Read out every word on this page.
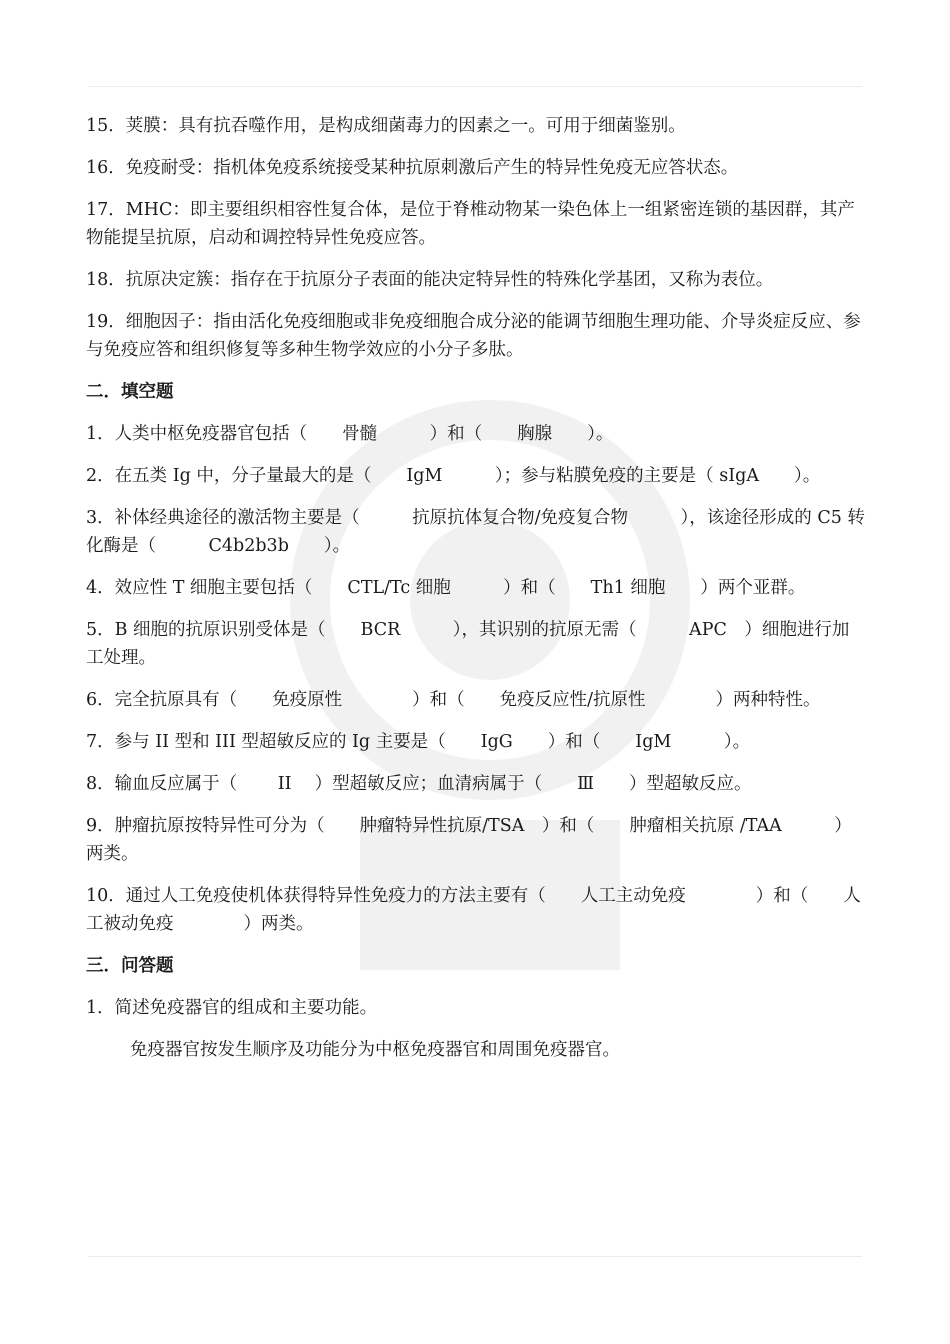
15．荚膜：具有抗吞噬作用，是构成细菌毒力的因素之一。可用于细菌鉴别。

16．免疫耐受：指机体免疫系统接受某种抗原刺激后产生的特异性免疫无应答状态。

17．MHC：即主要组织相容性复合体，是位于脊椎动物某一染色体上一组紧密连锁的基因群，其产物能提呈抗原，启动和调控特异性免疫应答。

18．抗原决定簇：指存在于抗原分子表面的能决定特异性的特殊化学基团，又称为表位。

19．细胞因子：指由活化免疫细胞或非免疫细胞合成分泌的能调节细胞生理功能、介导炎症反应、参与免疫应答和组织修复等多种生物学效应的小分子多肽。

二．填空题

1．人类中枢免疫器官包括（　　骨髓　　　）和（　　胸腺　　）。

2．在五类 Ig 中，分子量最大的是（　　IgM　　　）；参与粘膜免疫的主要是（ sIgA　　）。

3．补体经典途径的激活物主要是（　　　抗原抗体复合物/免疫复合物　　　），该途径形成的 C5 转化酶是（　　　C4b2b3b　　）。

4．效应性 T 细胞主要包括（　　CTL/Tc 细胞　　　）和（　　Th1 细胞　　）两个亚群。

5．B 细胞的抗原识别受体是（　　BCR　　　），其识别的抗原无需（　　　APC　）细胞进行加工处理。

6．完全抗原具有（　　免疫原性　　　　）和（　　免疫反应性/抗原性　　　　）两种特性。

7．参与 II 型和 III 型超敏反应的 Ig 主要是（　　IgG　　）和（　　IgM　　　）。

8．输血反应属于（　　 II　 ）型超敏反应；血清病属于（　　Ⅲ　　）型超敏反应。

9．肿瘤抗原按特异性可分为（　　肿瘤特异性抗原/TSA　）和（　　肿瘤相关抗原 /TAA　　　）两类。

10．通过人工免疫使机体获得特异性免疫力的方法主要有（　　人工主动免疫　　　　）和（　　人工被动免疫　　　　）两类。

三．问答题

1．简述免疫器官的组成和主要功能。

免疫器官按发生顺序及功能分为中枢免疫器官和周围免疫器官。
